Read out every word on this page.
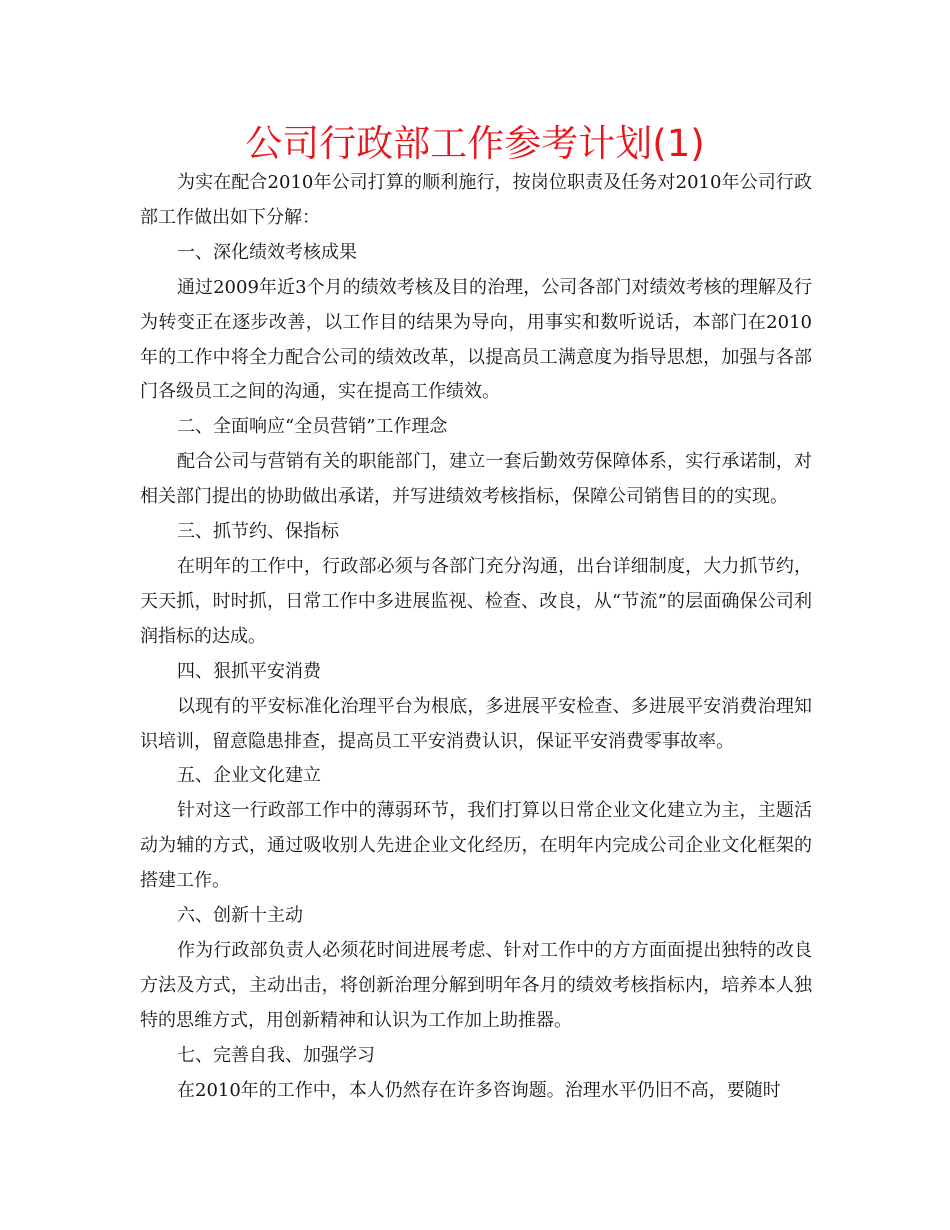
公司行政部工作参考计划(1)

为实在配合2010年公司打算的顺利施行，按岗位职责及任务对2010年公司行政部工作做出如下分解：

一、深化绩效考核成果

通过2009年近3个月的绩效考核及目的治理，公司各部门对绩效考核的理解及行为转变正在逐步改善，以工作目的结果为导向，用事实和数听说话，本部门在2010年的工作中将全力配合公司的绩效改革，以提高员工满意度为指导思想，加强与各部门各级员工之间的沟通，实在提高工作绩效。

二、全面响应“全员营销”工作理念

配合公司与营销有关的职能部门，建立一套后勤效劳保障体系，实行承诺制，对相关部门提出的协助做出承诺，并写进绩效考核指标，保障公司销售目的的实现。

三、抓节约、保指标

在明年的工作中，行政部必须与各部门充分沟通，出台详细制度，大力抓节约，天天抓，时时抓，日常工作中多进展监视、检查、改良，从“节流”的层面确保公司利润指标的达成。

四、狠抓平安消费

以现有的平安标准化治理平台为根底，多进展平安检查、多进展平安消费治理知识培训，留意隐患排查，提高员工平安消费认识，保证平安消费零事故率。

五、企业文化建立

针对这一行政部工作中的薄弱环节，我们打算以日常企业文化建立为主，主题活动为辅的方式，通过吸收别人先进企业文化经历，在明年内完成公司企业文化框架的搭建工作。

六、创新十主动

作为行政部负责人必须花时间进展考虑、针对工作中的方方面面提出独特的改良方法及方式，主动出击，将创新治理分解到明年各月的绩效考核指标内，培养本人独特的思维方式，用创新精神和认识为工作加上助推器。

七、完善自我、加强学习

在2010年的工作中，本人仍然存在许多咨询题。治理水平仍旧不高，要随时
